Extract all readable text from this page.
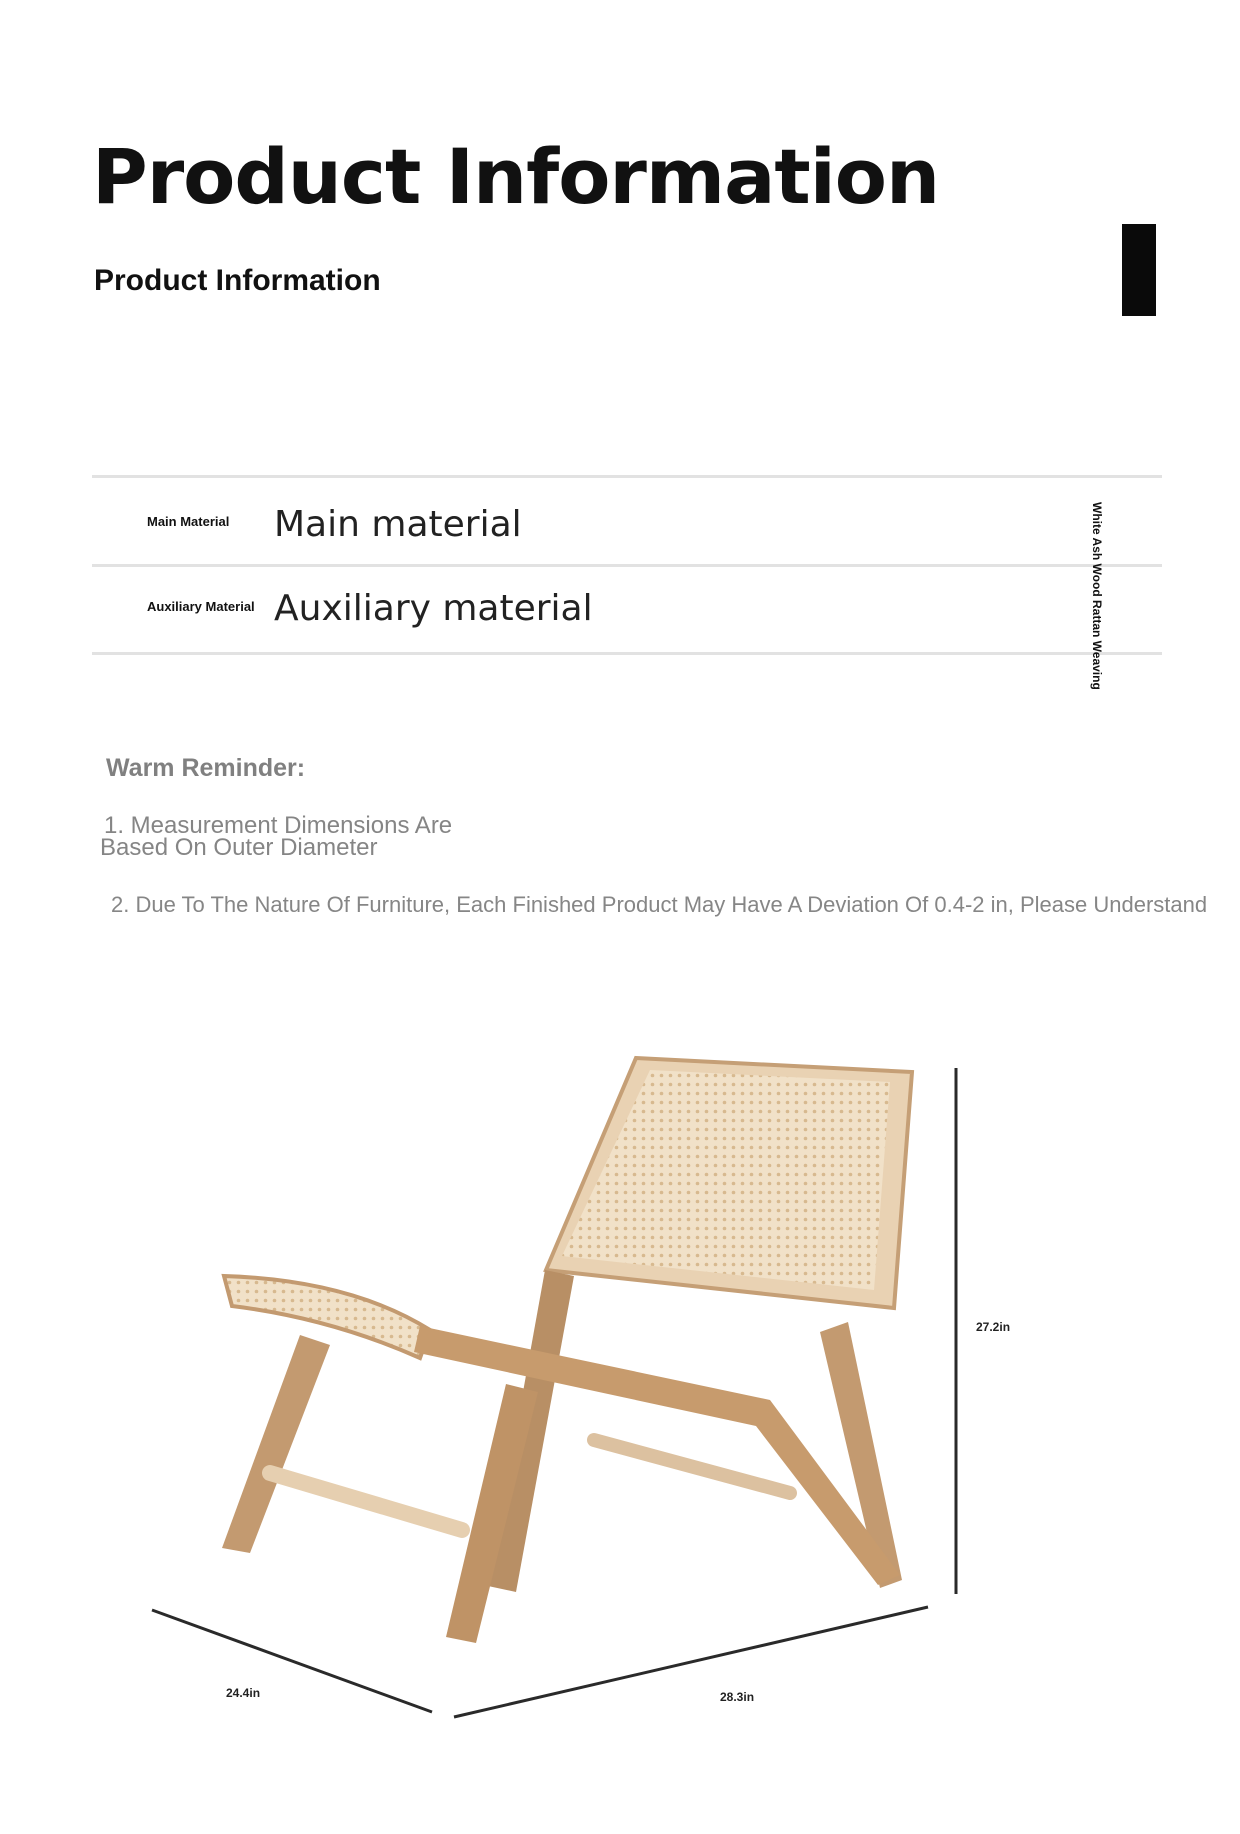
Product Information
Product Information
Main Material Main material
Auxiliary Material Auxiliary material	White Ash Wood Rattan Weaving
Warm Reminder:
1. Measurement Dimensions Are
Based On Outer Diameter
2. Due To The Nature Of Furniture, Each Finished Product May Have A Deviation Of 0.4-2 in, Please Understand
27.2in
24.4in	28.3in
